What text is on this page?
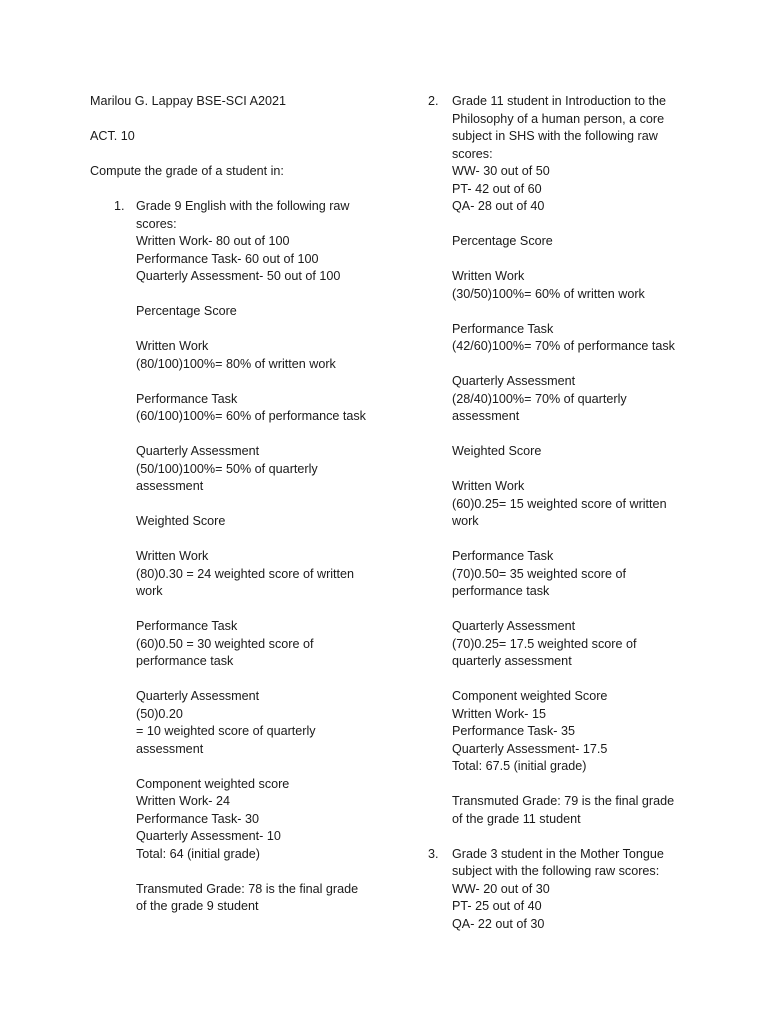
Marilou G. Lappay BSE-SCI A2021
ACT. 10
Compute the grade of a student in:
1. Grade 9 English with the following raw scores:
Written Work- 80 out of 100
Performance Task- 60 out of 100
Quarterly Assessment- 50 out of 100
Percentage Score
Written Work
(80/100)100%= 80% of written work
Performance Task
(60/100)100%= 60% of performance task
Quarterly Assessment
(50/100)100%= 50% of quarterly assessment
Weighted Score
Written Work
(80)0.30 = 24 weighted score of written work
Performance Task
(60)0.50 = 30 weighted score of performance task
Quarterly Assessment
(50)0.20
= 10 weighted score of quarterly assessment
Component weighted score
Written Work- 24
Performance Task- 30
Quarterly Assessment- 10
Total: 64 (initial grade)
Transmuted Grade: 78 is the final grade of the grade 9 student
2.	Grade 11 student in Introduction to the Philosophy of a human person, a core subject in SHS with the following raw scores:
WW- 30 out of 50
PT- 42 out of 60
QA- 28 out of 40
Percentage Score
Written Work
(30/50)100%= 60% of written work
Performance Task
(42/60)100%= 70% of performance task
Quarterly Assessment
(28/40)100%= 70% of quarterly assessment
Weighted Score
Written Work
(60)0.25= 15 weighted score of written work
Performance Task
(70)0.50= 35 weighted score of performance task
Quarterly Assessment
(70)0.25= 17.5 weighted score of quarterly assessment
Component weighted Score
Written Work- 15
Performance Task- 35
Quarterly Assessment- 17.5
Total: 67.5 (initial grade)
Transmuted Grade: 79 is the final grade of the grade 11 student
3.	Grade 3 student in the Mother Tongue subject with the following raw scores:
WW- 20 out of 30
PT- 25 out of 40
QA- 22 out of 30
